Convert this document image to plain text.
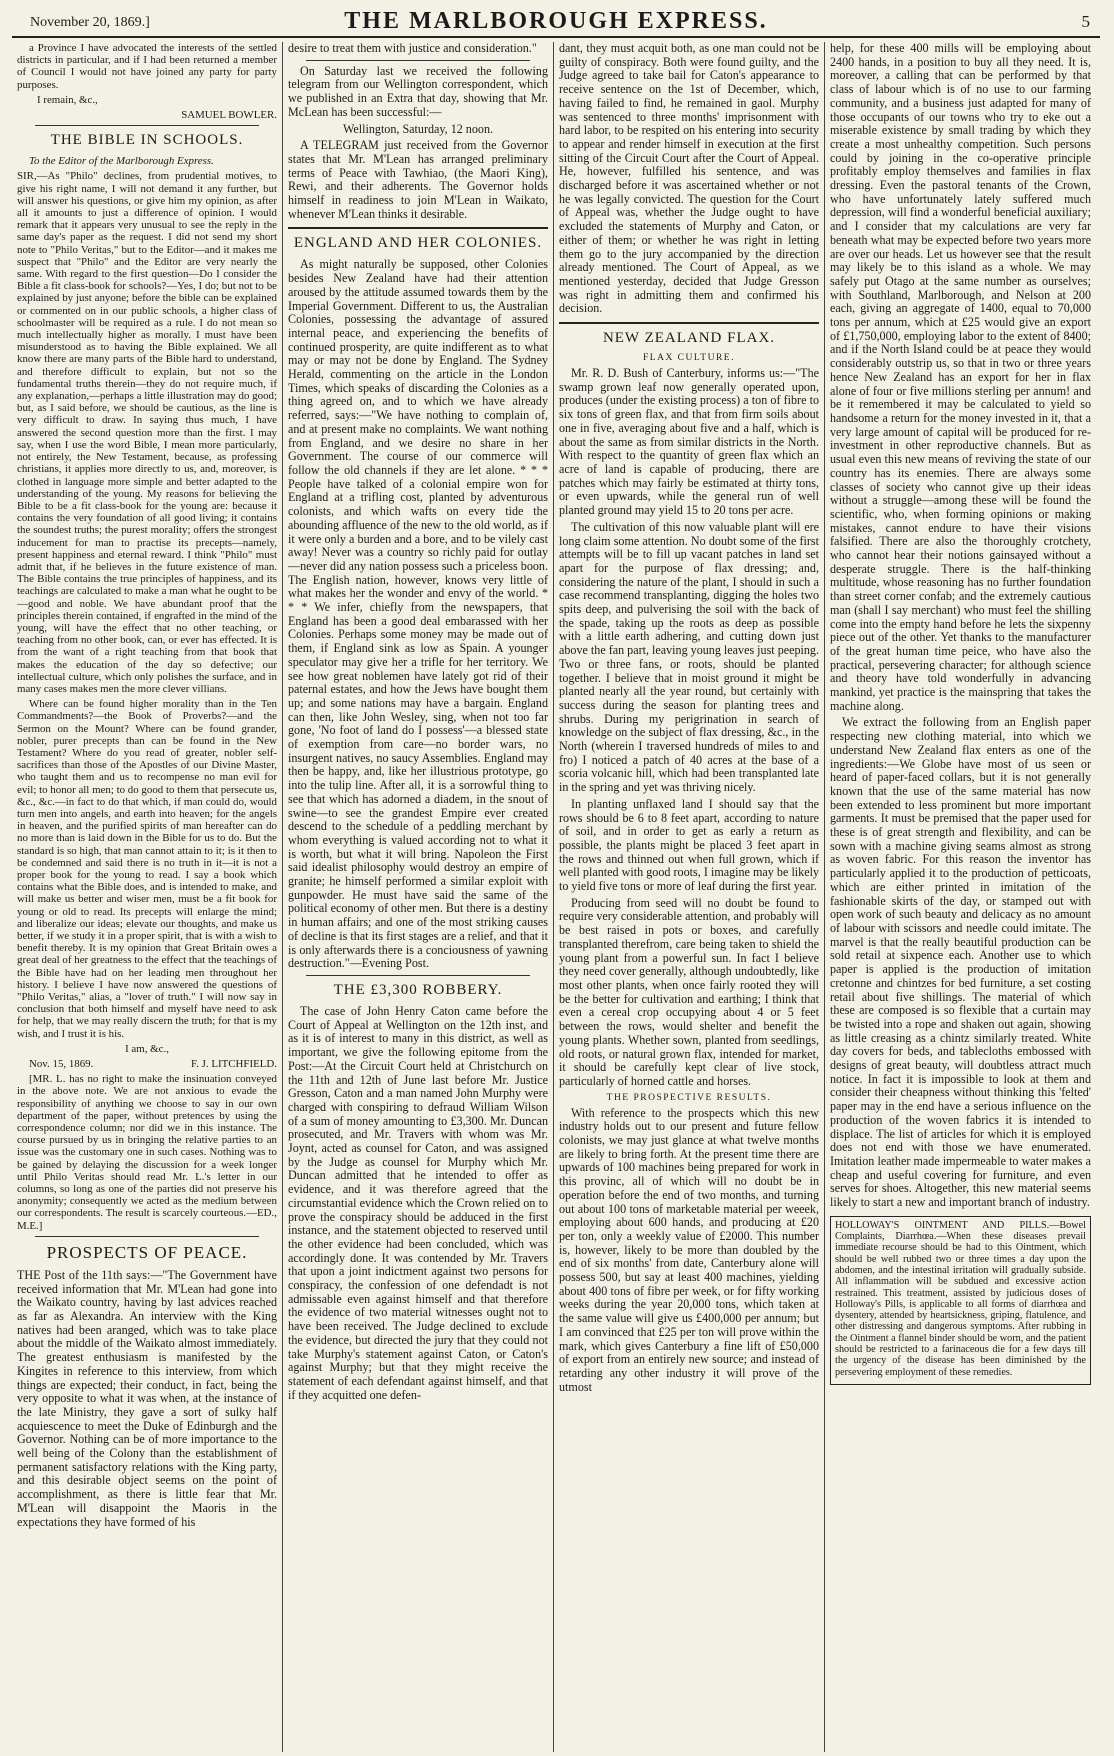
November 20, 1869.]	THE MARLBOROUGH EXPRESS.	5

a Province I have advocated the interests of the settled districts in particular, and if I had been returned a member of Council I would not have joined any party for party purposes.

I remain, &c.,

SAMUEL BOWLER.

THE BIBLE IN SCHOOLS.

To the Editor of the Marlborough Express.

SIR,—As "Philo" declines, from prudential motives, to give his right name, I will not demand it any further, but will answer his questions, or give him my opinion, as after all it amounts to just a difference of opinion. I would remark that it appears very unusual to see the reply in the same day's paper as the request. I did not send my short note to "Philo Veritas," but to the Editor—and it makes me suspect that "Philo" and the Editor are very nearly the same. With regard to the first question—Do I consider the Bible a fit class-book for schools?—Yes, I do; but not to be explained by just anyone; before the bible can be explained or commented on in our public schools, a higher class of schoolmaster will be required as a rule. I do not mean so much intellectually higher as morally. I must have been misunderstood as to having the Bible explained. We all know there are many parts of the Bible hard to understand, and therefore difficult to explain, but not so the fundamental truths therein—they do not require much, if any explanation,—perhaps a little illustration may do good; but, as I said before, we should be cautious, as the line is very difficult to draw. In saying thus much, I have answered the second question more than the first. I may say, when I use the word Bible, I mean more particularly, not entirely, the New Testament, because, as professing christians, it applies more directly to us, and, moreover, is clothed in language more simple and better adapted to the understanding of the young. My reasons for believing the Bible to be a fit class-book for the young are: because it contains the very foundation of all good living; it contains the soundest truths; the purest morality; offers the strongest inducement for man to practise its precepts—namely, present happiness and eternal reward. I think "Philo" must admit that, if he believes in the future existence of man. The Bible contains the true principles of happiness, and its teachings are calculated to make a man what he ought to be—good and noble. We have abundant proof that the principles therein contained, if engrafted in the mind of the young, will have the effect that no other teaching, or teaching from no other book, can, or ever has effected. It is from the want of a right teaching from that book that makes the education of the day so defective; our intellectual culture, which only polishes the surface, and in many cases makes men the more clever villians.

Where can be found higher morality than in the Ten Commandments?—the Book of Proverbs?—and the Sermon on the Mount? Where can be found grander, nobler, purer precepts than can be found in the New Testament? Where do you read of greater, nobler self-sacrifices than those of the Apostles of our Divine Master, who taught them and us to recompense no man evil for evil; to honor all men; to do good to them that persecute us, &c., &c.—in fact to do that which, if man could do, would turn men into angels, and earth into heaven; for the angels in heaven, and the purified spirits of man hereafter can do no more than is laid down in the Bible for us to do. But the standard is so high, that man cannot attain to it; is it then to be condemned and said there is no truth in it—it is not a proper book for the young to read. I say a book which contains what the Bible does, and is intended to make, and will make us better and wiser men, must be a fit book for young or old to read. Its precepts will enlarge the mind; and liberalize our ideas; elevate our thoughts, and make us better, if we study it in a proper spirit, that is with a wish to benefit thereby. It is my opinion that Great Britain owes a great deal of her greatness to the effect that the teachings of the Bible have had on her leading men throughout her history. I believe I have now answered the questions of "Philo Veritas," alias, a "lover of truth." I will now say in conclusion that both himself and myself have need to ask for help, that we may really discern the truth; for that is my wish, and I trust it is his.

I am, &c.,

Nov. 15, 1869.	F. J. LITCHFIELD.

[MR. L. has no right to make the insinuation conveyed in the above note. We are not anxious to evade the responsibility of anything we choose to say in our own department of the paper, without pretences by using the correspondence column; nor did we in this instance. The course pursued by us in bringing the relative parties to an issue was the customary one in such cases. Nothing was to be gained by delaying the discussion for a week longer until Philo Veritas should read Mr. L.'s letter in our columns, so long as one of the parties did not preserve his anonymity; consequently we acted as the medium between our correspondents. The result is scarcely courteous.—ED., M.E.]

PROSPECTS OF PEACE.

THE Post of the 11th says:—"The Government have received information that Mr. M'Lean had gone into the Waikato country, having by last advices reached as far as Alexandra. An interview with the King natives had been aranged, which was to take place about the middle of the Waikato almost immediately. The greatest enthusiasm is manifested by the Kingites in reference to this interview, from which things are expected; their conduct, in fact, being the very opposite to what it was when, at the instance of the late Ministry, they gave a sort of sulky half acquiescence to meet the Duke of Edinburgh and the Governor. Nothing can be of more importance to the well being of the Colony than the establishment of permanent satisfactory relations with the King party, and this desirable object seems on the point of accomplishment, as there is little fear that Mr. M'Lean will disappoint the Maoris in the expectations they have formed of his

desire to treat them with justice and consideration."

On Saturday last we received the following telegram from our Wellington correspondent, which we published in an Extra that day, showing that Mr. McLean has been successful:—

Wellington, Saturday, 12 noon.

A TELEGRAM just received from the Governor states that Mr. M'Lean has arranged preliminary terms of Peace with Tawhiao, (the Maori King), Rewi, and their adherents. The Governor holds himself in readiness to join M'Lean in Waikato, whenever M'Lean thinks it desirable.

ENGLAND AND HER COLONIES.

As might naturally be supposed, other Colonies besides New Zealand have had their attention aroused by the attitude assumed towards them by the Imperial Government. Different to us, the Australian Colonies, possessing the advantage of assured internal peace, and experiencing the benefits of continued prosperity, are quite indifferent as to what may or may not be done by England. The Sydney Herald, commenting on the article in the London Times, which speaks of discarding the Colonies as a thing agreed on, and to which we have already referred, says:—"We have nothing to complain of, and at present make no complaints. We want nothing from England, and we desire no share in her Government. The course of our commerce will follow the old channels if they are let alone. * * * People have talked of a colonial empire won for England at a trifling cost, planted by adventurous colonists, and which wafts on every tide the abounding affluence of the new to the old world, as if it were only a burden and a bore, and to be vilely cast away! Never was a country so richly paid for outlay—never did any nation possess such a priceless boon. The English nation, however, knows very little of what makes her the wonder and envy of the world. * * * We infer, chiefly from the newspapers, that England has been a good deal embarassed with her Colonies. Perhaps some money may be made out of them, if England sink as low as Spain. A younger speculator may give her a trifle for her territory. We see how great noblemen have lately got rid of their paternal estates, and how the Jews have bought them up; and some nations may have a bargain. England can then, like John Wesley, sing, when not too far gone, 'No foot of land do I possess'—a blessed state of exemption from care—no border wars, no insurgent natives, no saucy Assemblies. England may then be happy, and, like her illustrious prototype, go into the tulip line. After all, it is a sorrowful thing to see that which has adorned a diadem, in the snout of swine—to see the grandest Empire ever created descend to the schedule of a peddling merchant by whom everything is valued according not to what it is worth, but what it will bring. Napoleon the First said idealist philosophy would destroy an empire of granite; he himself performed a similar exploit with gunpowder. He must have said the same of the political economy of other men. But there is a destiny in human affairs; and one of the most striking causes of decline is that its first stages are a relief, and that it is only afterwards there is a conciousness of yawning destruction."—Evening Post.

THE £3,300 ROBBERY.

The case of John Henry Caton came before the Court of Appeal at Wellington on the 12th inst, and as it is of interest to many in this district, as well as important, we give the following epitome from the Post:—At the Circuit Court held at Christchurch on the 11th and 12th of June last before Mr. Justice Gresson, Caton and a man named John Murphy were charged with conspiring to defraud William Wilson of a sum of money amounting to £3,300. Mr. Duncan prosecuted, and Mr. Travers with whom was Mr. Joynt, acted as counsel for Caton, and was assigned by the Judge as counsel for Murphy which Mr. Duncan admitted that he intended to offer as evidence, and it was therefore agreed that the circumstantial evidence which the Crown relied on to prove the conspiracy should be adduced in the first instance, and the statement objected to reserved until the other evidence had been concluded, which was accordingly done. It was contended by Mr. Travers that upon a joint indictment against two persons for conspiracy, the confession of one defendadt is not admissable even against himself and that therefore the evidence of two material witnesses ought not to have been received. The Judge declined to exclude the evidence, but directed the jury that they could not take Murphy's statement against Caton, or Caton's against Murphy; but that they might receive the statement of each defendant against himself, and that if they acquitted one defen-

dant, they must acquit both, as one man could not be guilty of conspiracy. Both were found guilty, and the Judge agreed to take bail for Caton's appearance to receive sentence on the 1st of December, which, having failed to find, he remained in gaol. Murphy was sentenced to three months' imprisonment with hard labor, to be respited on his entering into security to appear and render himself in execution at the first sitting of the Circuit Court after the Court of Appeal. He, however, fulfilled his sentence, and was discharged before it was ascertained whether or not he was legally convicted. The question for the Court of Appeal was, whether the Judge ought to have excluded the statements of Murphy and Caton, or either of them; or whether he was right in letting them go to the jury accompanied by the direction already mentioned. The Court of Appeal, as we mentioned yesterday, decided that Judge Gresson was right in admitting them and confirmed his decision.

NEW ZEALAND FLAX.
FLAX CULTURE.

Mr. R. D. Bush of Canterbury, informs us:—"The swamp grown leaf now generally operated upon, produces (under the existing process) a ton of fibre to six tons of green flax, and that from firm soils about one in five, averaging about five and a half, which is about the same as from similar districts in the North. With respect to the quantity of green flax which an acre of land is capable of producing, there are patches which may fairly be estimated at thirty tons, or even upwards, while the general run of well planted ground may yield 15 to 20 tons per acre.

The cultivation of this now valuable plant will ere long claim some attention. No doubt some of the first attempts will be to fill up vacant patches in land set apart for the purpose of flax dressing; and, considering the nature of the plant, I should in such a case recommend transplanting, digging the holes two spits deep, and pulverising the soil with the back of the spade, taking up the roots as deep as possible with a little earth adhering, and cutting down just above the fan part, leaving young leaves just peeping. Two or three fans, or roots, should be planted together. I believe that in moist ground it might be planted nearly all the year round, but certainly with success during the season for planting trees and shrubs. During my perigrination in search of knowledge on the subject of flax dressing, &c., in the North (wherein I traversed hundreds of miles to and fro) I noticed a patch of 40 acres at the base of a scoria volcanic hill, which had been transplanted late in the spring and yet was thriving nicely.

In planting unflaxed land I should say that the rows should be 6 to 8 feet apart, according to nature of soil, and in order to get as early a return as possible, the plants might be placed 3 feet apart in the rows and thinned out when full grown, which if well planted with good roots, I imagine may be likely to yield five tons or more of leaf during the first year.

Producing from seed will no doubt be found to require very considerable attention, and probably will be best raised in pots or boxes, and carefully transplanted therefrom, care being taken to shield the young plant from a powerful sun. In fact I believe they need cover generally, although undoubtedly, like most other plants, when once fairly rooted they will be the better for cultivation and earthing; I think that even a cereal crop occupying about 4 or 5 feet between the rows, would shelter and benefit the young plants. Whether sown, planted from seedlings, old roots, or natural grown flax, intended for market, it should be carefully kept clear of live stock, particularly of horned cattle and horses.

THE PROSPECTIVE RESULTS.

With reference to the prospects which this new industry holds out to our present and future fellow colonists, we may just glance at what twelve months are likely to bring forth. At the present time there are upwards of 100 machines being prepared for work in this provinc, all of which will no doubt be in operation before the end of two months, and turning out about 100 tons of marketable material per weeek, employing about 600 hands, and producing at £20 per ton, only a weekly value of £2000. This number is, however, likely to be more than doubled by the end of six months' from date, Canterbury alone will possess 500, but say at least 400 machines, yielding about 400 tons of fibre per week, or for fifty working weeks during the year 20,000 tons, which taken at the same value will give us £400,000 per annum; but I am convinced that £25 per ton will prove within the mark, which gives Canterbury a fine lift of £50,000 of export from an entirely new source; and instead of retarding any other industry it will prove of the utmost

help, for these 400 mills will be employing about 2400 hands, in a position to buy all they need. It is, moreover, a calling that can be performed by that class of labour which is of no use to our farming community, and a business just adapted for many of those occupants of our towns who try to eke out a miserable existence by small trading by which they create a most unhealthy competition. Such persons could by joining in the co-operative principle profitably employ themselves and families in flax dressing. Even the pastoral tenants of the Crown, who have unfortunately lately suffered much depression, will find a wonderful beneficial auxiliary; and I consider that my calculations are very far beneath what may be expected before two years more are over our heads. Let us however see that the result may likely be to this island as a whole. We may safely put Otago at the same number as ourselves; with Southland, Marlborough, and Nelson at 200 each, giving an aggregate of 1400, equal to 70,000 tons per annum, which at £25 would give an export of £1,750,000, employing labor to the extent of 8400; and if the North Island could be at peace they would considerably outstrip us, so that in two or three years hence New Zealand has an export for her in flax alone of four or five millions sterling per annum! and be it remembered it may be calculated to yield so handsome a return for the money invested in it, that a very large amount of capital will be produced for re-investment in other reproductive channels. But as usual even this new means of reviving the state of our country has its enemies. There are always some classes of society who cannot give up their ideas without a struggle—among these will be found the scientific, who, when forming opinions or making mistakes, cannot endure to have their visions falsified. There are also the thoroughly crotchety, who cannot hear their notions gainsayed without a desperate struggle. There is the half-thinking multitude, whose reasoning has no further foundation than street corner confab; and the extremely cautious man (shall I say merchant) who must feel the shilling come into the empty hand before he lets the sixpenny piece out of the other. Yet thanks to the manufacturer of the great human time peice, who have also the practical, persevering character; for although science and theory have told wonderfully in advancing mankind, yet practice is the mainspring that takes the machine along.

We extract the following from an English paper respecting new clothing material, into which we understand New Zealand flax enters as one of the ingredients:—We Globe have most of us seen or heard of paper-faced collars, but it is not generally known that the use of the same material has now been extended to less prominent but more important garments. It must be premised that the paper used for these is of great strength and flexibility, and can be sown with a machine giving seams almost as strong as woven fabric. For this reason the inventor has particularly applied it to the production of petticoats, which are either printed in imitation of the fashionable skirts of the day, or stamped out with open work of such beauty and delicacy as no amount of labour with scissors and needle could imitate. The marvel is that the really beautiful production can be sold retail at sixpence each. Another use to which paper is applied is the production of imitation cretonne and chintzes for bed furniture, a set costing retail about five shillings. The material of which these are composed is so flexible that a curtain may be twisted into a rope and shaken out again, showing as little creasing as a chintz similarly treated. White day covers for beds, and tablecloths embossed with designs of great beauty, will doubtless attract much notice. In fact it is impossible to look at them and consider their cheapness without thinking this 'felted' paper may in the end have a serious influence on the production of the woven fabrics it is intended to displace. The list of articles for which it is employed does not end with those we have enumerated. Imitation leather made impermeable to water makes a cheap and useful covering for furniture, and even serves for shoes. Altogether, this new material seems likely to start a new and important branch of industry.

HOLLOWAY'S OINTMENT AND PILLS.—Bowel Complaints, Diarrhœa.—When these diseases prevail immediate recourse should be had to this Ointment, which should be well rubbed two or three times a day upon the abdomen, and the intestinal irritation will gradually subside. All inflammation will be subdued and excessive action restrained. This treatment, assisted by judicious doses of Holloway's Pills, is applicable to all forms of diarrhœa and dysentery, attended by heartsickness, griping, flatulence, and other distressing and dangerous symptoms. After rubbing in the Ointment a flannel binder should be worn, and the patient should be restricted to a farinaceous die for a few days till the urgency of the disease has been diminished by the persevering employment of these remedies.
